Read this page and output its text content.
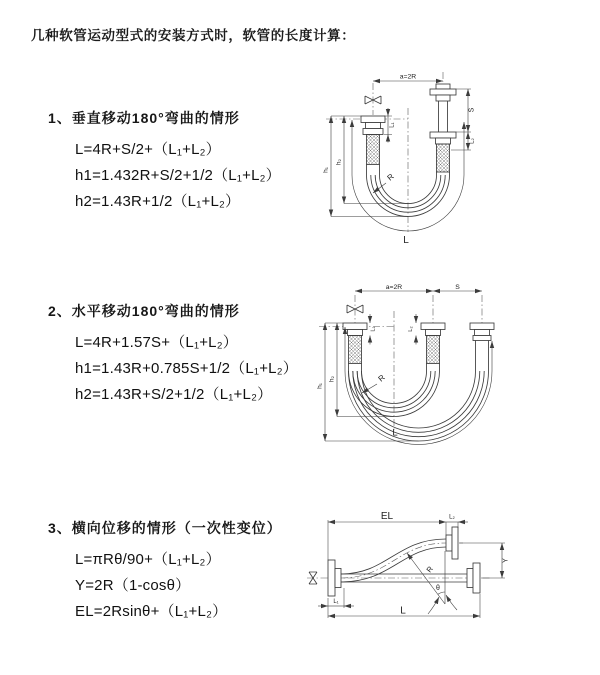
几种软管运动型式的安装方式时，软管的长度计算：
1、垂直移动180°弯曲的情形
L=4R+S/2+（L₁+L₂）
h1=1.432R+S/2+1/2（L₁+L₂）
h2=1.43R+1/2（L₁+L₂）
2、水平移动180°弯曲的情形
L=4R+1.57S+（L₁+L₂）
h1=1.43R+0.785S+1/2（L₁+L₂）
h2=1.43R+S/2+1/2（L₁+L₂）
3、横向位移的情形（一次性变位）
L=πRθ/90+（L₁+L₂）
Y=2R（1-cosθ）
EL=2Rsinθ+（L₁+L₂）
a=2R
L
h₁
h₂
L₁
S
L₂
R
a=2R	S
L
h₁
h₂
L₁	L₂
R
EL	L₂
L
Y
L₁
θ
R
